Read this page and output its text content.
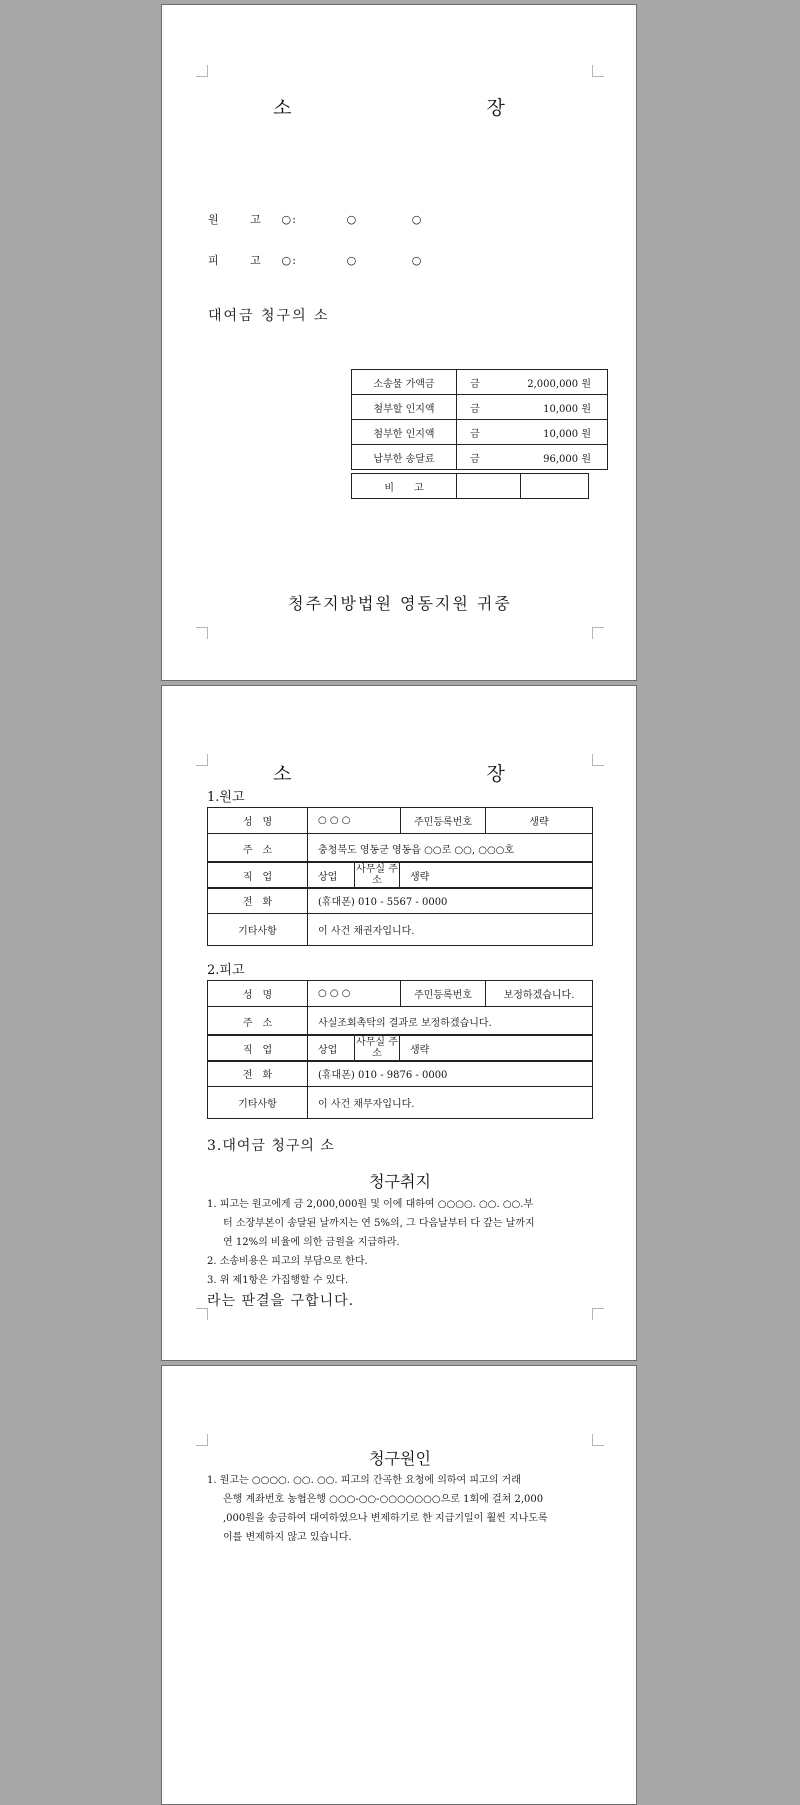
소　장
원 고 : ○ ○ ○
피 고 : ○ ○ ○
대여금 청구의 소
소송물 가액금	금	2,000,000 원
첨부할 인지액	금	10,000 원
첨부한 인지액	금	10,000 원
납부한 송달료	금	96,000 원
비　　고		
청주지방법원 영동지원 귀중
소　장
1.원고
성　명	○ ○ ○	주민등록번호	생략
주　소	충청북도 영동군 영동읍 ○○로 ○○, ○○○호		
직　업	상업	사무실 주 소	생략
전　화	(휴대폰) 010 - 5567 - 0000
기타사항	이 사건 채권자입니다.
2.피고
성　명	○ ○ ○	주민등록번호	보정하겠습니다.
주　소	사실조회촉탁의 결과로 보정하겠습니다.		
직　업	상업	사무실 주 소	생략
전　화	(휴대폰) 010 - 9876 - 0000
기타사항	이 사건 채무자입니다.
3.대여금 청구의 소
청구취지
1. 피고는 원고에게 금 2,000,000원 및 이에 대하여 ○○○○. ○○. ○○.부
터 소장부본이 송달된 날까지는 연 5%의, 그 다음날부터 다 갚는 날까지
연 12%의 비율에 의한 금원을 지급하라.
2. 소송비용은 피고의 부담으로 한다.
3. 위 제1항은 가집행할 수 있다.
라는 판결을 구합니다.
청구원인
1. 원고는 ○○○○. ○○. ○○. 피고의 간곡한 요청에 의하여 피고의 거래
은행 계좌번호 농협은행 ○○○-○○-○○○○○○○으로 1회에 걸쳐 2,000
,000원을 송금하여 대여하였으나 변제하기로 한 지급기일이 훨씬 지나도록
이를 변제하지 않고 있습니다.
